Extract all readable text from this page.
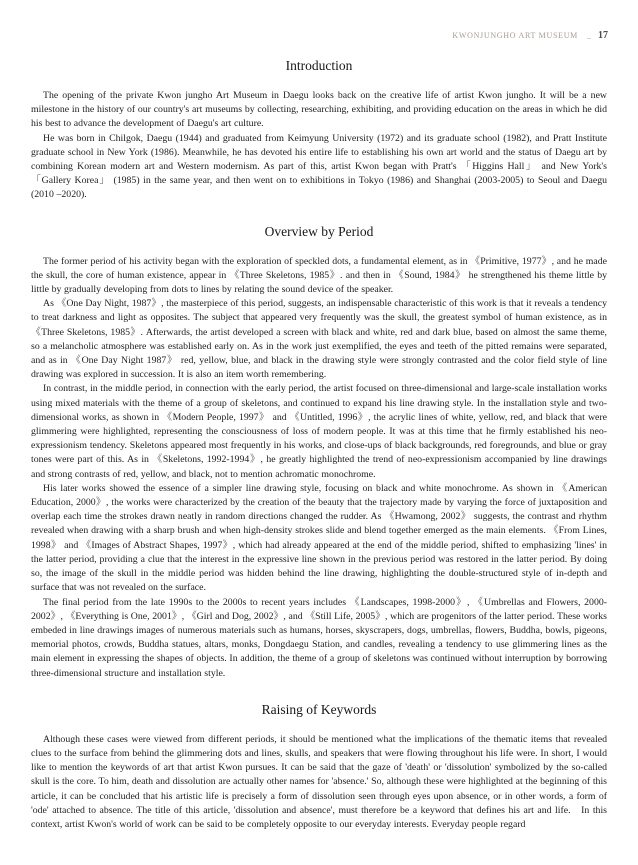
KWONJUNGHO ART MUSEUM _ 17
Introduction

The opening of the private Kwon jungho Art Museum in Daegu looks back on the creative life of artist Kwon jungho. It will be a new milestone in the history of our country's art museums by collecting, researching, exhibiting, and providing education on the areas in which he did his best to advance the development of Daegu's art culture.

He was born in Chilgok, Daegu (1944) and graduated from Keimyung University (1972) and its graduate school (1982), and Pratt Institute graduate school in New York (1986). Meanwhile, he has devoted his entire life to establishing his own art world and the status of Daegu art by combining Korean modern art and Western modernism. As part of this, artist Kwon began with Pratt's 「Higgins Hall」 and New York's 「Gallery Korea」 (1985) in the same year, and then went on to exhibitions in Tokyo (1986) and Shanghai (2003-2005) to Seoul and Daegu (2010 –2020).

Overview by Period

The former period of his activity began with the exploration of speckled dots, a fundamental element, as in 《Primitive, 1977》, and he made the skull, the core of human existence, appear in 《Three Skeletons, 1985》. and then in 《Sound, 1984》 he strengthened his theme little by little by gradually developing from dots to lines by relating the sound device of the speaker.

As 《One Day Night, 1987》, the masterpiece of this period, suggests, an indispensable characteristic of this work is that it reveals a tendency to treat darkness and light as opposites. The subject that appeared very frequently was the skull, the greatest symbol of human existence, as in 《Three Skeletons, 1985》. Afterwards, the artist developed a screen with black and white, red and dark blue, based on almost the same theme, so a melancholic atmosphere was established early on. As in the work just exemplified, the eyes and teeth of the pitted remains were separated, and as in 《One Day Night 1987》 red, yellow, blue, and black in the drawing style were strongly contrasted and the color field style of line drawing was explored in succession. It is also an item worth remembering.

In contrast, in the middle period, in connection with the early period, the artist focused on three-dimensional and large-scale installation works using mixed materials with the theme of a group of skeletons, and continued to expand his line drawing style. In the installation style and two-dimensional works, as shown in 《Modern People, 1997》 and 《Untitled, 1996》, the acrylic lines of white, yellow, red, and black that were glimmering were highlighted, representing the consciousness of loss of modern people. It was at this time that he firmly established his neo-expressionism tendency. Skeletons appeared most frequently in his works, and close-ups of black backgrounds, red foregrounds, and blue or gray tones were part of this. As in 《Skeletons, 1992-1994》, he greatly highlighted the trend of neo-expressionism accompanied by line drawings and strong contrasts of red, yellow, and black, not to mention achromatic monochrome.

His later works showed the essence of a simpler line drawing style, focusing on black and white monochrome. As shown in 《American Education, 2000》, the works were characterized by the creation of the beauty that the trajectory made by varying the force of juxtaposition and overlap each time the strokes drawn neatly in random directions changed the rudder. As 《Hwamong, 2002》 suggests, the contrast and rhythm revealed when drawing with a sharp brush and when high-density strokes slide and blend together emerged as the main elements. 《From Lines, 1998》 and 《Images of Abstract Shapes, 1997》, which had already appeared at the end of the middle period, shifted to emphasizing 'lines' in the latter period, providing a clue that the interest in the expressive line shown in the previous period was restored in the latter period. By doing so, the image of the skull in the middle period was hidden behind the line drawing, highlighting the double-structured style of in-depth and surface that was not revealed on the surface.

The final period from the late 1990s to the 2000s to recent years includes 《Landscapes, 1998-2000》, 《Umbrellas and Flowers, 2000-2002》, 《Everything is One, 2001》, 《Girl and Dog, 2002》, and 《Still Life, 2005》, which are progenitors of the latter period. These works embeded in line drawings images of numerous materials such as humans, horses, skyscrapers, dogs, umbrellas, flowers, Buddha, bowls, pigeons, memorial photos, crowds, Buddha statues, altars, monks, Dongdaegu Station, and candles, revealing a tendency to use glimmering lines as the main element in expressing the shapes of objects. In addition, the theme of a group of skeletons was continued without interruption by borrowing three-dimensional structure and installation style.

Raising of Keywords

Although these cases were viewed from different periods, it should be mentioned what the implications of the thematic items that revealed clues to the surface from behind the glimmering dots and lines, skulls, and speakers that were flowing throughout his life were. In short, I would like to mention the keywords of art that artist Kwon pursues. It can be said that the gaze of 'death' or 'dissolution' symbolized by the so-called skull is the core. To him, death and dissolution are actually other names for 'absence.' So, although these were highlighted at the beginning of this article, it can be concluded that his artistic life is precisely a form of dissolution seen through eyes upon absence, or in other words, a form of 'ode' attached to absence. The title of this article, 'dissolution and absence', must therefore be a keyword that defines his art and life.   In this context, artist Kwon's world of work can be said to be completely opposite to our everyday interests. Everyday people regard
